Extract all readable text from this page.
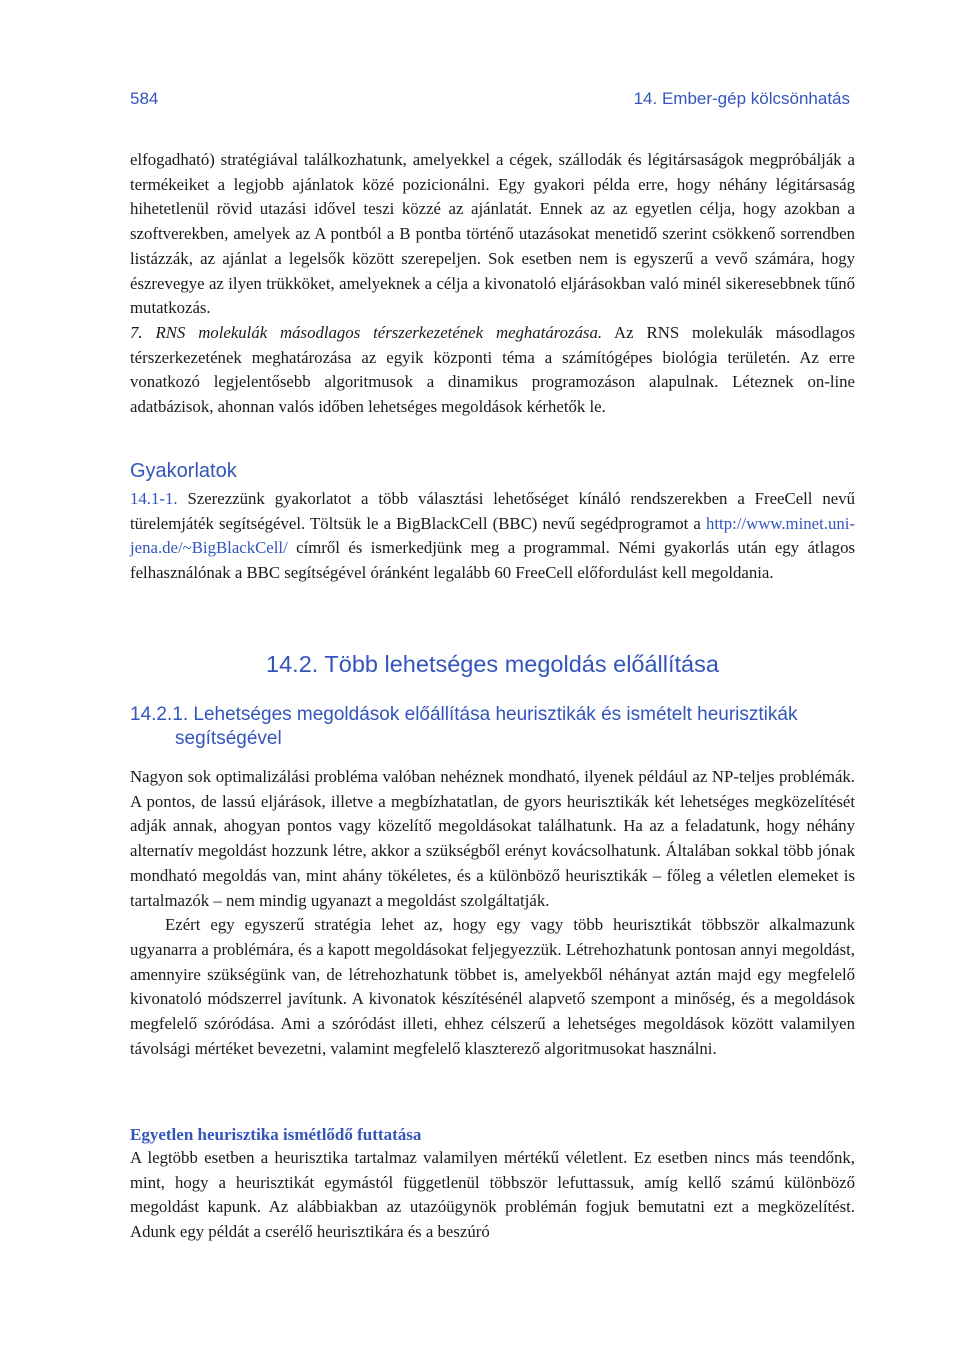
584	14. Ember-gép kölcsönhatás

elfogadható) stratégiával találkozhatunk, amelyekkel a cégek, szállodák és légitársaságok megpróbálják a termékeiket a legjobb ajánlatok közé pozicionálni. Egy gyakori példa erre, hogy néhány légitársaság hihetetlenül rövid utazási idővel teszi közzé az ajánlatát. Ennek az az egyetlen célja, hogy azokban a szoftverekben, amelyek az A pontból a B pontba történő utazásokat menetidő szerint csökkenő sorrendben listázzák, az ajánlat a legelsők között szerepeljen. Sok esetben nem is egyszerű a vevő számára, hogy észrevegye az ilyen trükköket, amelyeknek a célja a kivonatoló eljárásokban való minél sikeresebbnek tűnő mutatkozás.

7. RNS molekulák másodlagos térszerkezetének meghatározása. Az RNS molekulák másodlagos térszerkezetének meghatározása az egyik központi téma a számítógépes biológia területén. Az erre vonatkozó legjelentősebb algoritmusok a dinamikus programozáson alapulnak. Léteznek on-line adatbázisok, ahonnan valós időben lehetséges megoldások kérhetők le.

Gyakorlatok

14.1-1. Szerezzünk gyakorlatot a több választási lehetőséget kínáló rendszerekben a FreeCell nevű türelemjáték segítségével. Töltsük le a BigBlackCell (BBC) nevű segédprogramot a http://www.minet.uni-jena.de/~BigBlackCell/ címről és ismerkedjünk meg a programmal. Némi gyakorlás után egy átlagos felhasználónak a BBC segítségével óránként legalább 60 FreeCell előfordulást kell megoldania.

14.2. Több lehetséges megoldás előállítása
14.2.1. Lehetséges megoldások előállítása heurisztikák és ismételt heurisztikák segítségével

Nagyon sok optimalizálási probléma valóban nehéznek mondható, ilyenek például az NP-teljes problémák. A pontos, de lassú eljárások, illetve a megbízhatatlan, de gyors heurisztikák két lehetséges megközelítését adják annak, ahogyan pontos vagy közelítő megoldásokat találhatunk. Ha az a feladatunk, hogy néhány alternatív megoldást hozzunk létre, akkor a szükségből erényt kovácsolhatunk. Általában sokkal több jónak mondható megoldás van, mint ahány tökéletes, és a különböző heurisztikák – főleg a véletlen elemeket is tartalmazók – nem mindig ugyanazt a megoldást szolgáltatják.

Ezért egy egyszerű stratégia lehet az, hogy egy vagy több heurisztikát többször alkalmazunk ugyanarra a problémára, és a kapott megoldásokat feljegyezzük. Létrehozhatunk pontosan annyi megoldást, amennyire szükségünk van, de létrehozhatunk többet is, amelyekből néhányat aztán majd egy megfelelő kivonatoló módszerrel javítunk. A kivonatok készítésénél alapvető szempont a minőség, és a megoldások megfelelő szóródása. Ami a szóródást illeti, ehhez célszerű a lehetséges megoldások között valamilyen távolsági mértéket bevezetni, valamint megfelelő klaszterező algoritmusokat használni.

Egyetlen heurisztika ismétlődő futtatása

A legtöbb esetben a heurisztika tartalmaz valamilyen mértékű véletlent. Ez esetben nincs más teendőnk, mint, hogy a heurisztikát egymástól függetlenül többször lefuttassuk, amíg kellő számú különböző megoldást kapunk. Az alábbiakban az utazóügynök problémán fogjuk bemutatni ezt a megközelítést. Adunk egy példát a cserélő heurisztikára és a beszúró
